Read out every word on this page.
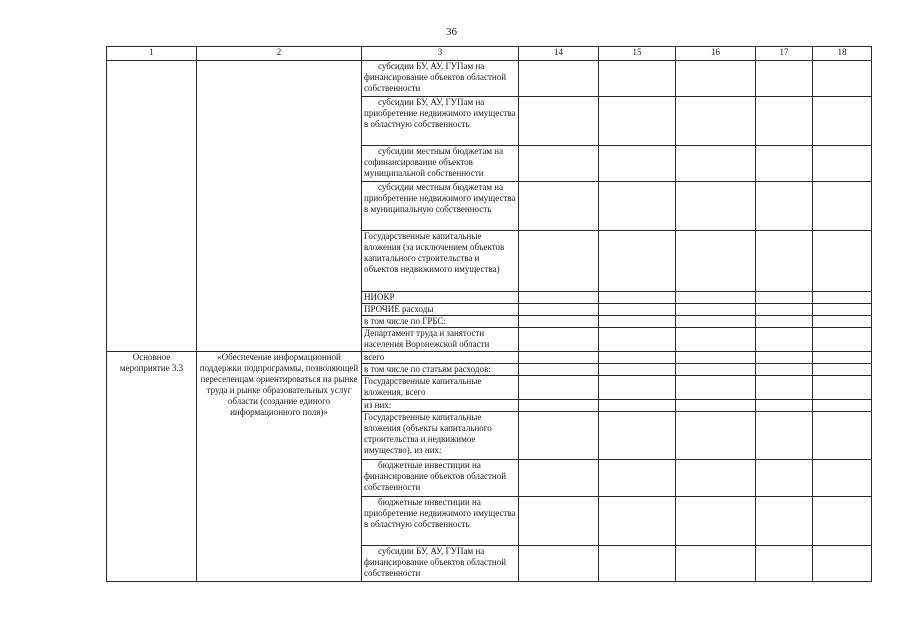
36
1	2	3	14	15	16	17	18
		субсидии БУ, АУ, ГУПам на финансирование объектов областной собственности					
		субсидии БУ, АУ, ГУПам на приобретение недвижимого имущества в областную собственность					
		субсидии местным бюджетам на софинансирование объектов муниципальной собственности					
		субсидии местным бюджетам на приобретение недвижимого имущества в муниципальную собственность					
		Государственные капитальные вложения (за исключением объектов капитального строительства и объектов недвижимого имущества)					
		НИОКР					
		ПРОЧИЕ расходы					
		в том числе по ГРБС:					
		Департамент труда и занятости населения Воронежской области					
Основное мероприятие 3.3	«Обеспечение информационной поддержки подпрограммы, позволяющей переселенцам ориентироваться на рынке труда и рынке образовательных услуг области (создание единого информационного поля)»	всего					
		в том числе по статьям расходов:					
		Государственные капитальные вложения, всего					
		из них:					
		Государственные капитальные вложения (объекты капитального строительства и недвижимое имущество), из них:					
		бюджетные инвестиции на финансирование объектов областной собственности					
		бюджетные инвестиции на приобретение недвижимого имущества в областную собственность					
		субсидии БУ, АУ, ГУПам на финансирование объектов областной собственности					
